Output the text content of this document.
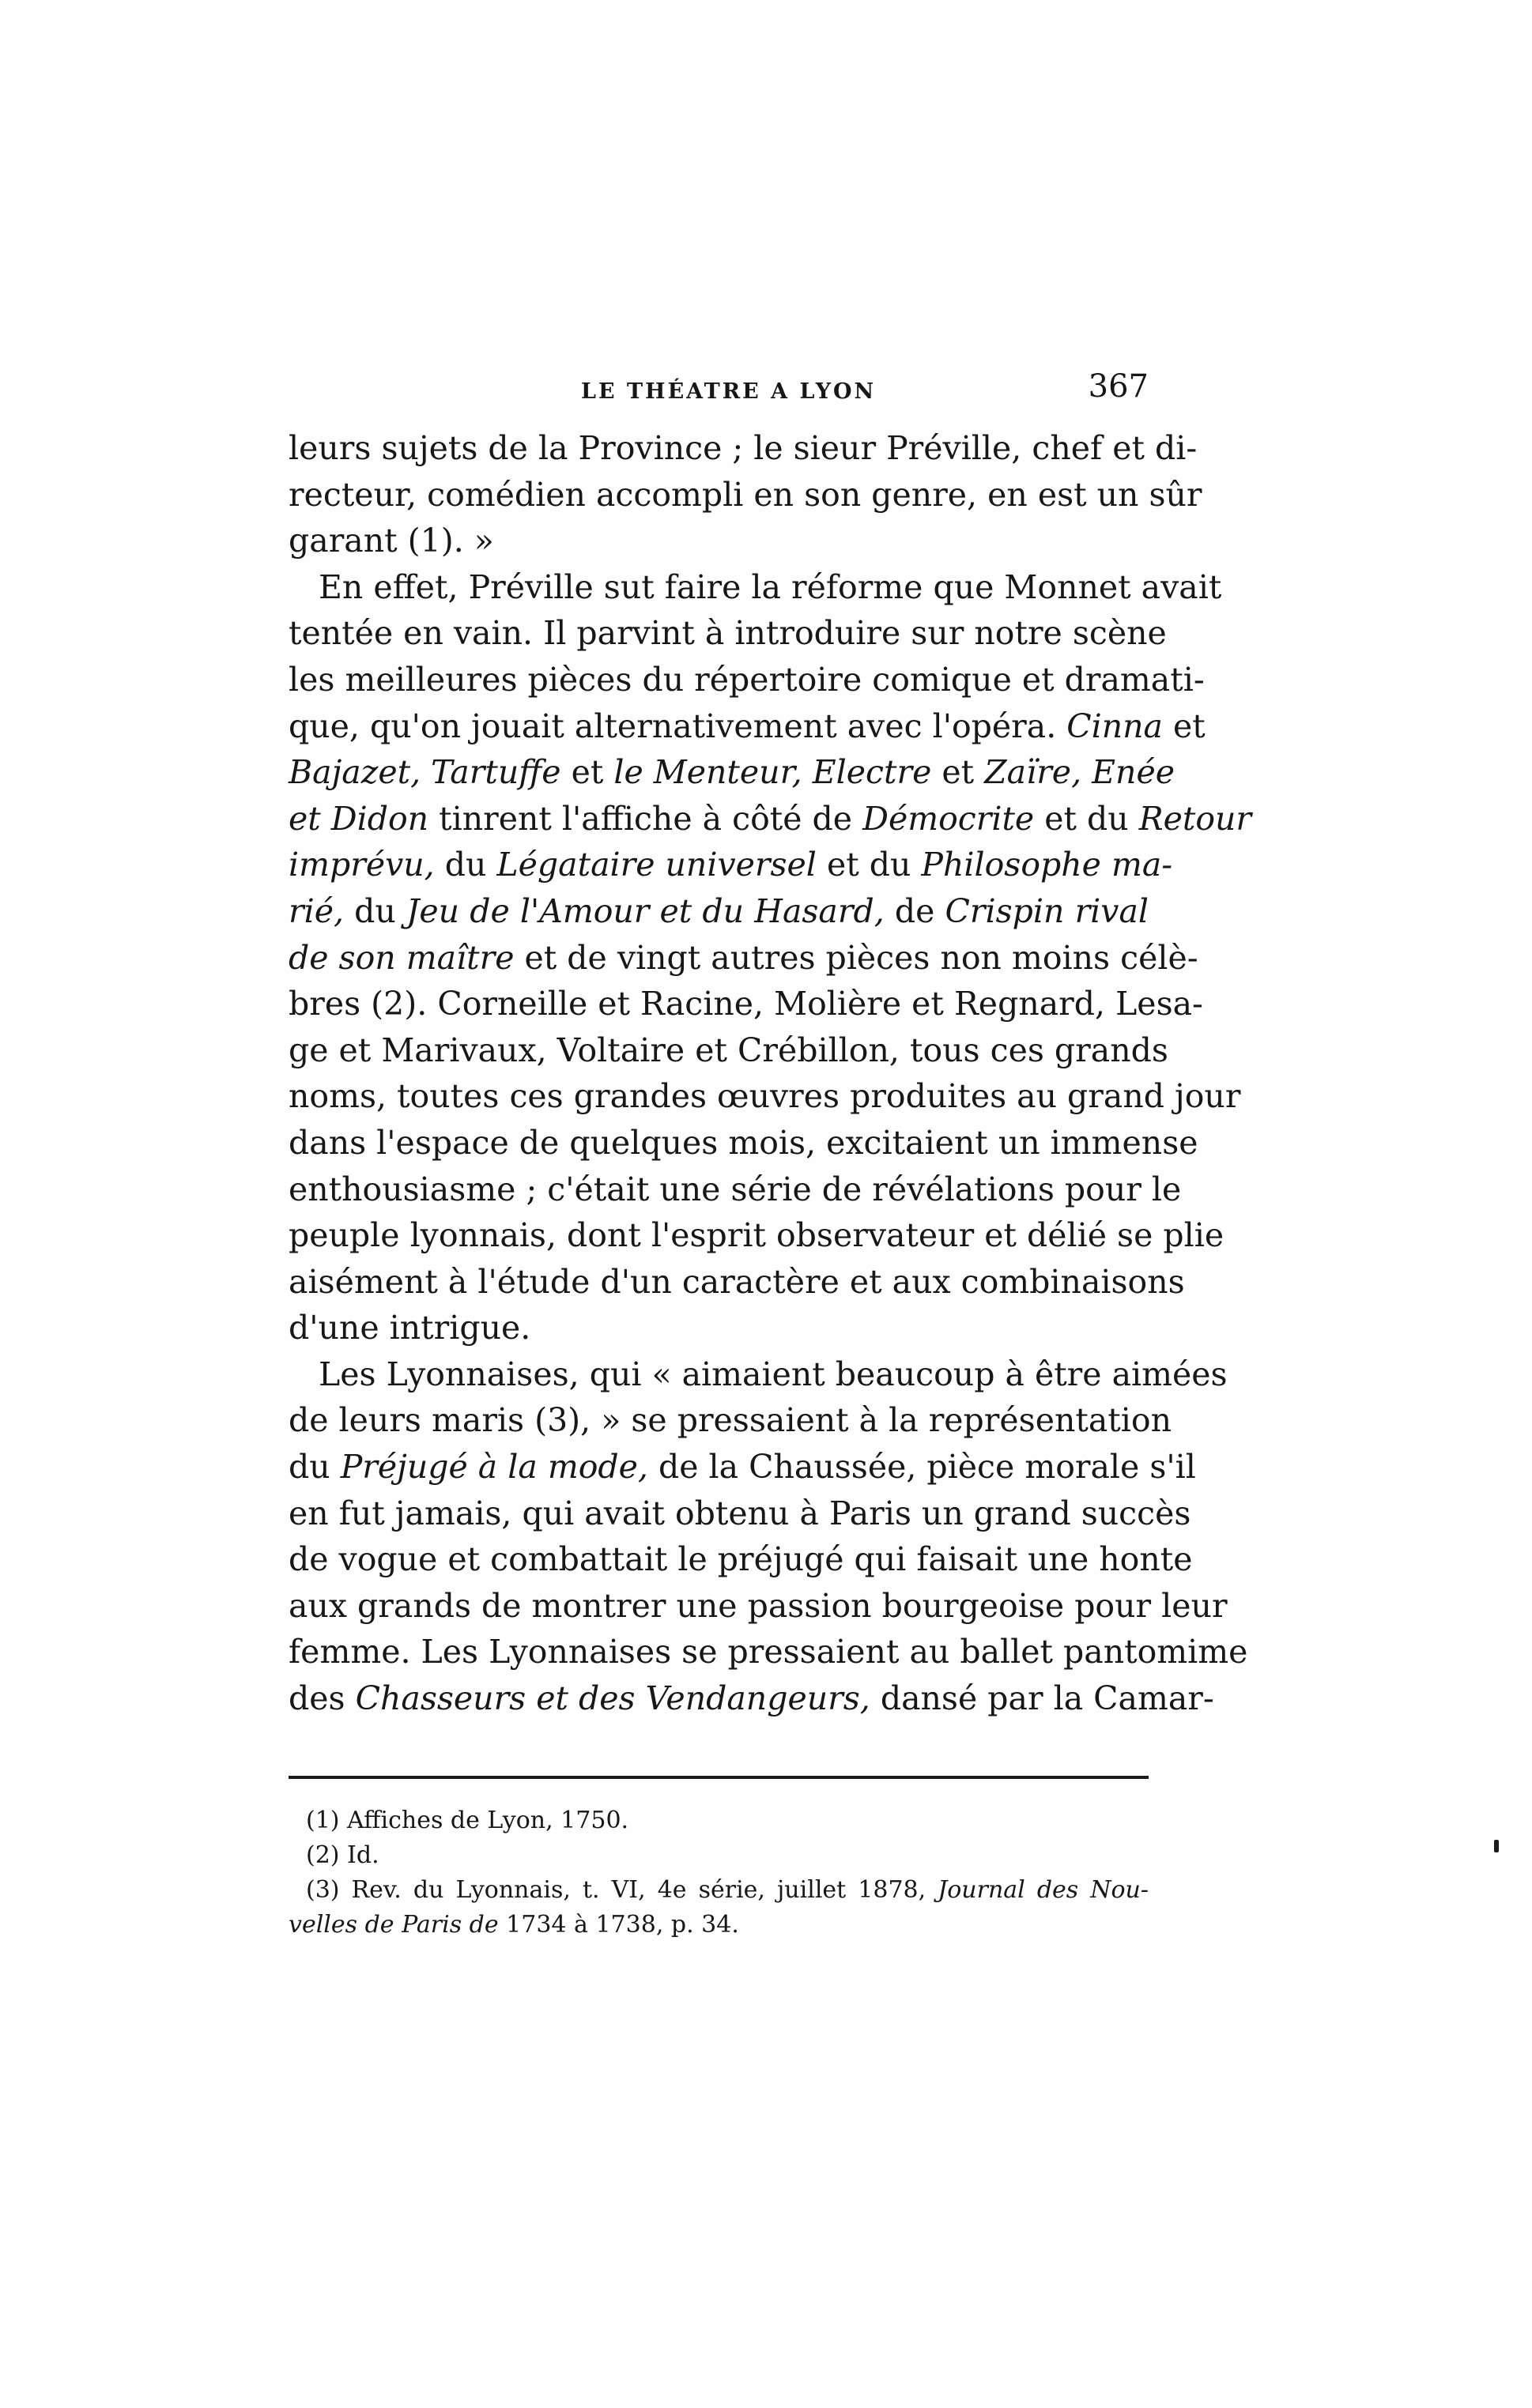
LE THÉATRE A LYON	367
leurs sujets de la Province ; le sieur Préville, chef et di-
recteur, comédien accompli en son genre, en est un sûr
garant (1). »
En effet, Préville sut faire la réforme que Monnet avait
tentée en vain. Il parvint à introduire sur notre scène
les meilleures pièces du répertoire comique et dramati-
que, qu'on jouait alternativement avec l'opéra. Cinna et
Bajazet, Tartuffe et le Menteur, Electre et Zaïre, Enée
et Didon tinrent l'affiche à côté de Démocrite et du Retour
imprévu, du Légataire universel et du Philosophe ma-
rié, du Jeu de l'Amour et du Hasard, de Crispin rival
de son maître et de vingt autres pièces non moins célè-
bres (2). Corneille et Racine, Molière et Regnard, Lesa-
ge et Marivaux, Voltaire et Crébillon, tous ces grands
noms, toutes ces grandes œuvres produites au grand jour
dans l'espace de quelques mois, excitaient un immense
enthousiasme ; c'était une série de révélations pour le
peuple lyonnais, dont l'esprit observateur et délié se plie
aisément à l'étude d'un caractère et aux combinaisons
d'une intrigue.
Les Lyonnaises, qui « aimaient beaucoup à être aimées
de leurs maris (3), » se pressaient à la représentation
du Préjugé à la mode, de la Chaussée, pièce morale s'il
en fut jamais, qui avait obtenu à Paris un grand succès
de vogue et combattait le préjugé qui faisait une honte
aux grands de montrer une passion bourgeoise pour leur
femme. Les Lyonnaises se pressaient au ballet pantomime
des Chasseurs et des Vendangeurs, dansé par la Camar-
(1) Affiches de Lyon, 1750.
(2) Id.
(3) Rev. du Lyonnais, t. VI, 4e série, juillet 1878, Journal des Nou-
velles de Paris de 1734 à 1738, p. 34.
